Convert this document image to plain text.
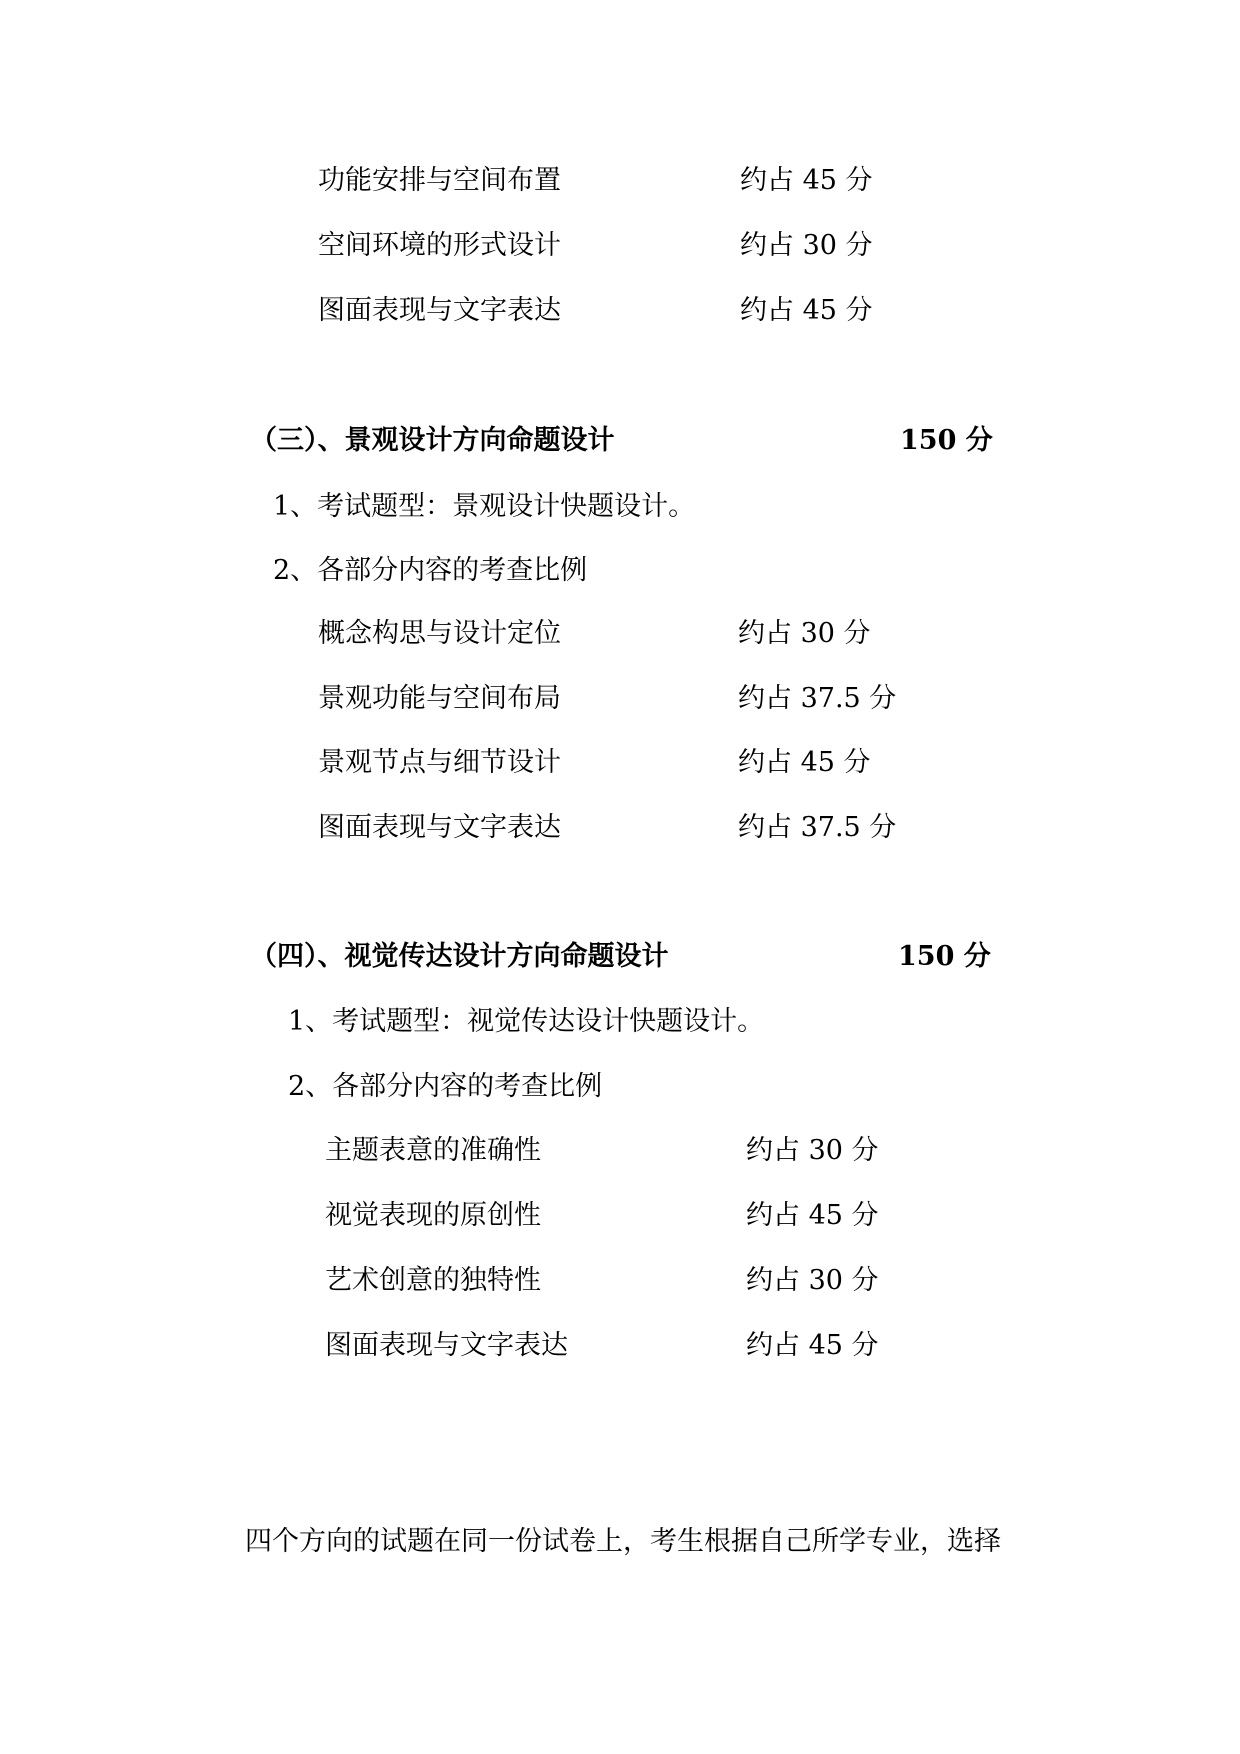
功能安排与空间布置	约占 45 分
空间环境的形式设计	约占 30 分
图面表现与文字表达	约占 45 分
（三）、景观设计方向命题设计	150 分
1、考试题型：景观设计快题设计。
2、各部分内容的考查比例
概念构思与设计定位	约占 30 分
景观功能与空间布局	约占 37.5 分
景观节点与细节设计	约占 45 分
图面表现与文字表达	约占 37.5 分
（四）、视觉传达设计方向命题设计	150 分
1、考试题型：视觉传达设计快题设计。
2、各部分内容的考查比例
主题表意的准确性	约占 30 分
视觉表现的原创性	约占 45 分
艺术创意的独特性	约占 30 分
图面表现与文字表达	约占 45 分
四个方向的试题在同一份试卷上，考生根据自己所学专业，选择
